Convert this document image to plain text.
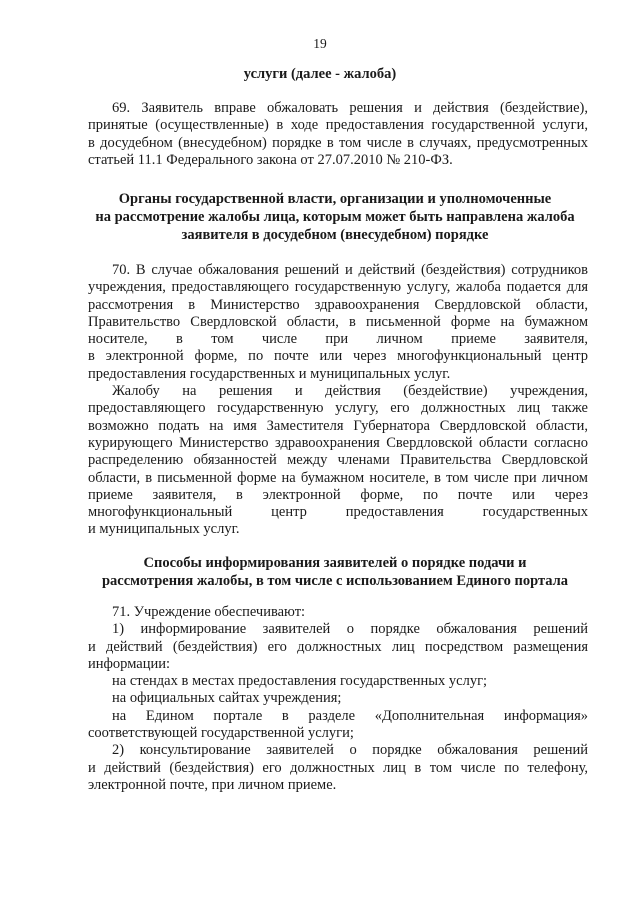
19
услуги (далее - жалоба)
69. Заявитель вправе обжаловать решения и действия (бездействие),
принятые (осуществленные) в ходе предоставления государственной услуги,
в досудебном (внесудебном) порядке в том числе в случаях, предусмотренных
статьей 11.1 Федерального закона от 27.07.2010 № 210-ФЗ.
Органы государственной власти, организации и уполномоченные
на рассмотрение жалобы лица, которым может быть направлена жалоба
заявителя в досудебном (внесудебном) порядке
70. В случае обжалования решений и действий (бездействия) сотрудников
учреждения, предоставляющего государственную услугу, жалоба подается для
рассмотрения в Министерство здравоохранения Свердловской области,
Правительство Свердловской области, в письменной форме на бумажном
носителе, в том числе при личном приеме заявителя,
в электронной форме, по почте или через многофункциональный центр
предоставления государственных и муниципальных услуг.
Жалобу на решения и действия (бездействие) учреждения,
предоставляющего государственную услугу, его должностных лиц также
возможно подать на имя Заместителя Губернатора Свердловской области,
курирующего Министерство здравоохранения Свердловской области согласно
распределению обязанностей между членами Правительства Свердловской
области, в письменной форме на бумажном носителе, в том числе при личном
приеме заявителя, в электронной форме, по почте или через
многофункциональный центр предоставления государственных
и муниципальных услуг.
Способы информирования заявителей о порядке подачи и
рассмотрения жалобы, в том числе с использованием Единого портала
71. Учреждение обеспечивают:
1) информирование заявителей о порядке обжалования решений
и действий (бездействия) его должностных лиц посредством размещения
информации:
на стендах в местах предоставления государственных услуг;
на официальных сайтах учреждения;
на Едином портале в разделе «Дополнительная информация»
соответствующей государственной услуги;
2) консультирование заявителей о порядке обжалования решений
и действий (бездействия) его должностных лиц в том числе по телефону,
электронной почте, при личном приеме.
